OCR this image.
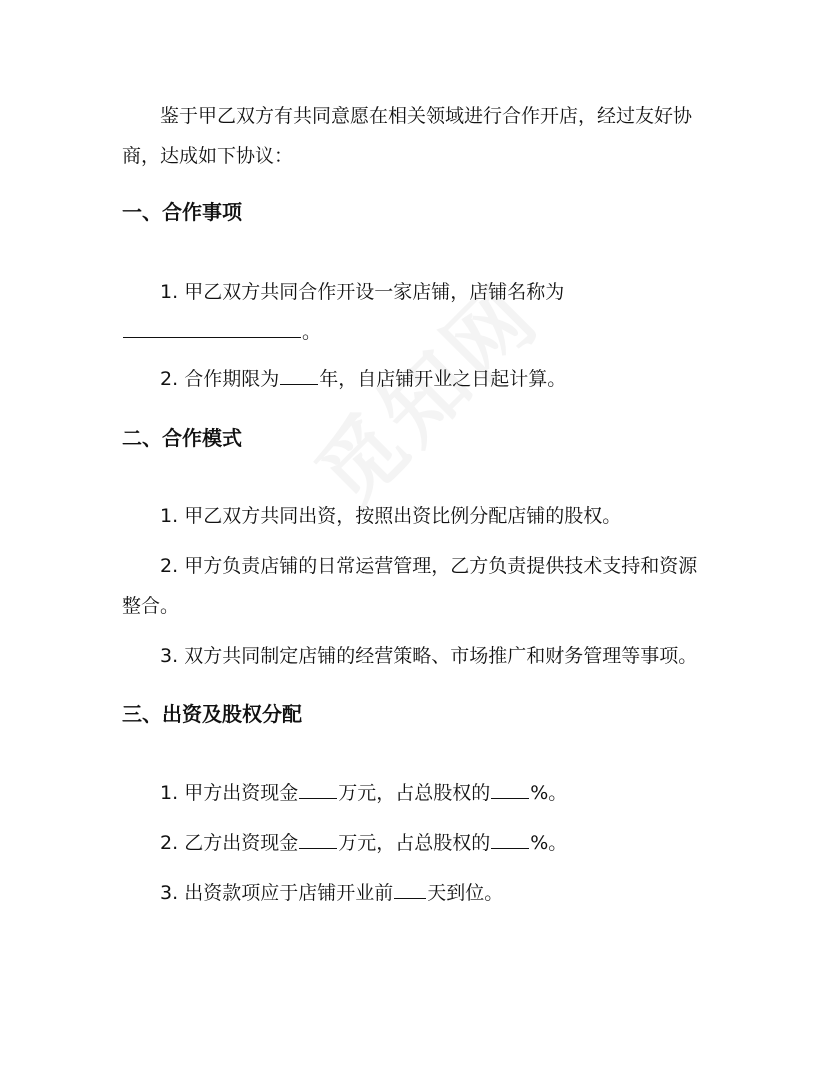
鉴于甲乙双方有共同意愿在相关领域进行合作开店，经过友好协
商，达成如下协议：
一、合作事项
1. 甲乙双方共同合作开设一家店铺，店铺名称为
。
2. 合作期限为 年，自店铺开业之日起计算。
二、合作模式
1. 甲乙双方共同出资，按照出资比例分配店铺的股权。
2. 甲方负责店铺的日常运营管理，乙方负责提供技术支持和资源
整合。
3. 双方共同制定店铺的经营策略、市场推广和财务管理等事项。
三、出资及股权分配
1. 甲方出资现金 万元，占总股权的 %。
2. 乙方出资现金 万元，占总股权的 %。
3. 出资款项应于店铺开业前 天到位。
